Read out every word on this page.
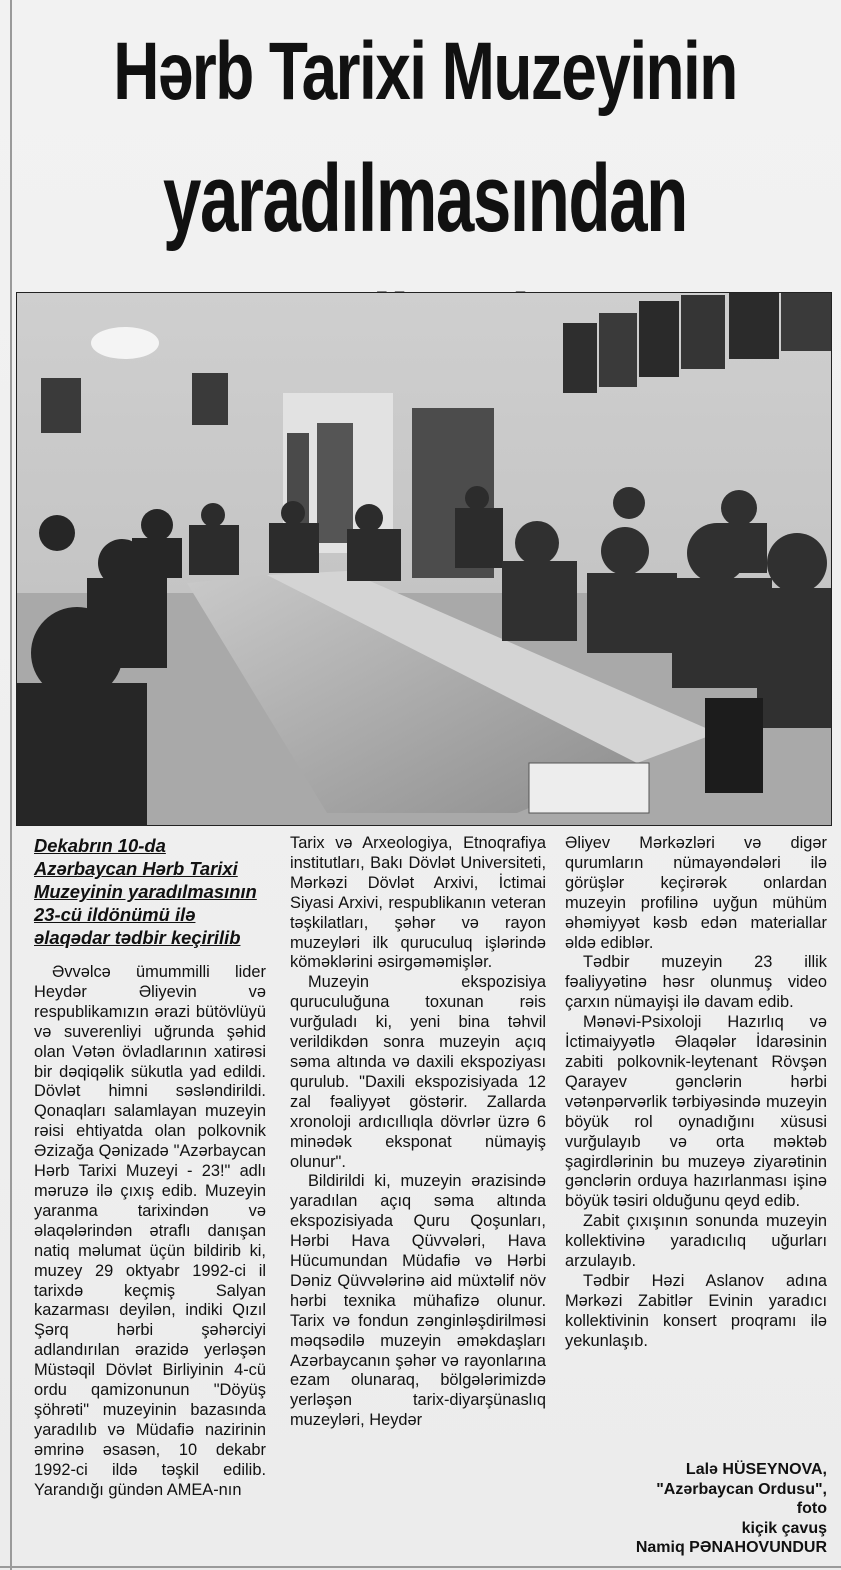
Hərb Tarixi Muzeyinin
yaradılmasından
Dekabrın 10-da Azərbaycan Hərb Tarixi Muzeyinin yaradılmasının 23-cü ildönümü ilə əlaqədar tədbir keçirilib

Əvvəlcə ümummilli lider Heydər Əliyevin və respublikamızın ərazi bütövlüyü və suverenliyi uğrunda şəhid olan Vətən övladlarının xatirəsi bir dəqiqəlik sükutla yad edildi. Dövlət himni səsləndirildi. Qonaqları salamlayan muzeyin rəisi ehtiyatda olan polkovnik Əzizağa Qənizadə "Azərbaycan Hərb Tarixi Muzeyi - 23!" adlı məruzə ilə çıxış edib. Muzeyin yaranma tarixindən və əlaqələrindən ətraflı danışan natiq məlumat üçün bildirib ki, muzey 29 oktyabr 1992-ci il tarixdə keçmiş Salyan kazarması deyilən, indiki Qızıl Şərq hərbi şəhərciyi adlandırılan ərazidə yerləşən Müstəqil Dövlət Birliyinin 4-cü ordu qamizonunun "Döyüş şöhrəti" muzeyinin bazasında yaradılıb və Müdafiə nazirinin əmrinə əsasən, 10 dekabr 1992-ci ildə təşkil edilib. Yarandığı gündən AMEA-nın

Tarix və Arxeologiya, Etnoqrafiya institutları, Bakı Dövlət Universiteti, Mərkəzi Dövlət Arxivi, İctimai Siyasi Arxivi, respublikanın veteran təşkilatları, şəhər və rayon muzeyləri ilk quruculuq işlərində köməklərini əsirgəməmişlər.

Muzeyin ekspozisiya quruculuğuna toxunan rəis vurğuladı ki, yeni bina təhvil verildikdən sonra muzeyin açıq səma altında və daxili ekspoziyası qurulub. "Daxili ekspozisiyada 12 zal fəaliyyət göstərir. Zallarda xronoloji ardıcıllıqla dövrlər üzrə 6 minədək eksponat nümayiş olunur".

Bildirildi ki, muzeyin ərazisində yaradılan açıq səma altında ekspozisiyada Quru Qoşunları, Hərbi Hava Qüvvələri, Hava Hücumundan Müdafiə və Hərbi Dəniz Qüvvələrinə aid müxtəlif növ hərbi texnika mühafizə olunur. Tarix və fondun zənginləşdirilməsi məqsədilə muzeyin əməkdaşları Azərbaycanın şəhər və rayonlarına ezam olunaraq, bölgələrimizdə yerləşən tarix-diyarşünaslıq muzeyləri, Heydər

Əliyev Mərkəzləri və digər qurumların nümayəndələri ilə görüşlər keçirərək onlardan muzeyin profilinə uyğun mühüm əhəmiyyət kəsb edən materiallar əldə ediblər.

Tədbir muzeyin 23 illik fəaliyyətinə həsr olunmuş video çarxın nümayişi ilə davam edib.

Mənəvi-Psixoloji Hazırlıq və İctimaiyyətlə Əlaqələr İdarəsinin zabiti polkovnik-leytenant Rövşən Qarayev gənclərin hərbi vətənpərvərlik tərbiyəsində muzeyin böyük rol oynadığını xüsusi vurğulayıb və orta məktəb şagirdlərinin bu muzeyə ziyarətinin gənclərin orduya hazırlanması işinə böyük təsiri olduğunu qeyd edib.

Zabit çıxışının sonunda muzeyin kollektivinə yaradıcılıq uğurları arzulayıb.

Tədbir Həzi Aslanov adına Mərkəzi Zabitlər Evinin yaradıcı kollektivinin konsert proqramı ilə yekunlaşıb.

Lalə HÜSEYNOVA,
"Azərbaycan Ordusu",
foto
kiçik çavuş
Namiq PƏNAHOVUNDUR
